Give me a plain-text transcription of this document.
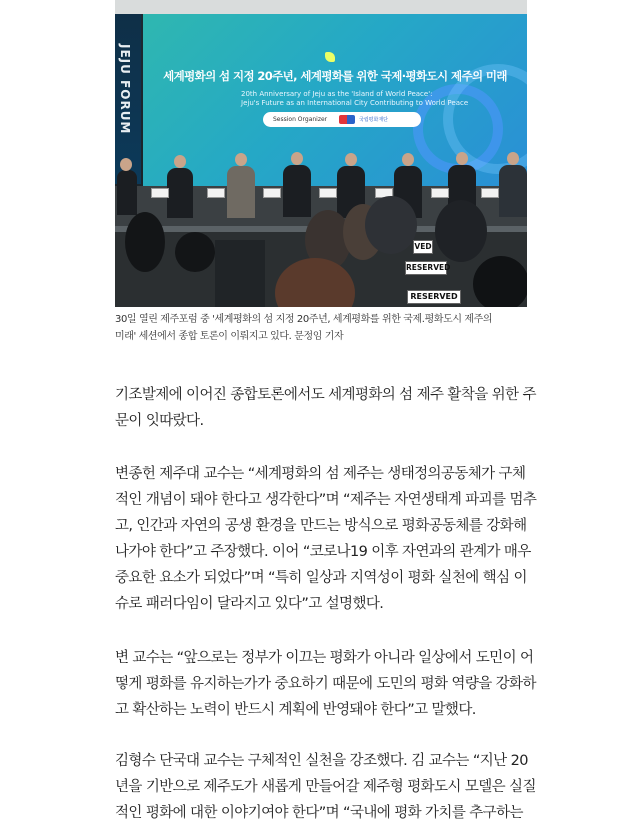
JEJU FORUM	세계평화의 섬 지정 20주년, 세계평화를 위한 국제·평화도시 제주의 미래
20th Anniversary of Jeju as the 'Island of World Peace':
Jeju's Future as an International City Contributing to World Peace
Session Organizer	국립평화재단
VED
RESERVED
RESERVED
30일 열린 제주포럼 중 '세계평화의 섬 지정 20주년, 세계평화를 위한 국제.평화도시 제주의
미래' 세션에서 종합 토론이 이뤄지고 있다. 문정임 기자
기조발제에 이어진 종합토론에서도 세계평화의 섬 제주 활착을 위한 주
문이 잇따랐다.
변종헌 제주대 교수는 “세계평화의 섬 제주는 생태정의공동체가 구체
적인 개념이 돼야 한다고 생각한다”며 “제주는 자연생태계 파괴를 멈추
고, 인간과 자연의 공생 환경을 만드는 방식으로 평화공동체를 강화해
나가야 한다”고 주장했다. 이어 “코로나19 이후 자연과의 관계가 매우
중요한 요소가 되었다”며 “특히 일상과 지역성이 평화 실천에 핵심 이
슈로 패러다임이 달라지고 있다”고 설명했다.
변 교수는 “앞으로는 정부가 이끄는 평화가 아니라 일상에서 도민이 어
떻게 평화를 유지하는가가 중요하기 때문에 도민의 평화 역량을 강화하
고 확산하는 노력이 반드시 계획에 반영돼야 한다”고 말했다.
김형수 단국대 교수는 구체적인 실천을 강조했다. 김 교수는 “지난 20
년을 기반으로 제주도가 새롭게 만들어갈 제주형 평화도시 모델은 실질
적인 평화에 대한 이야기여야 한다”며 “국내에 평화 가치를 추구하는
